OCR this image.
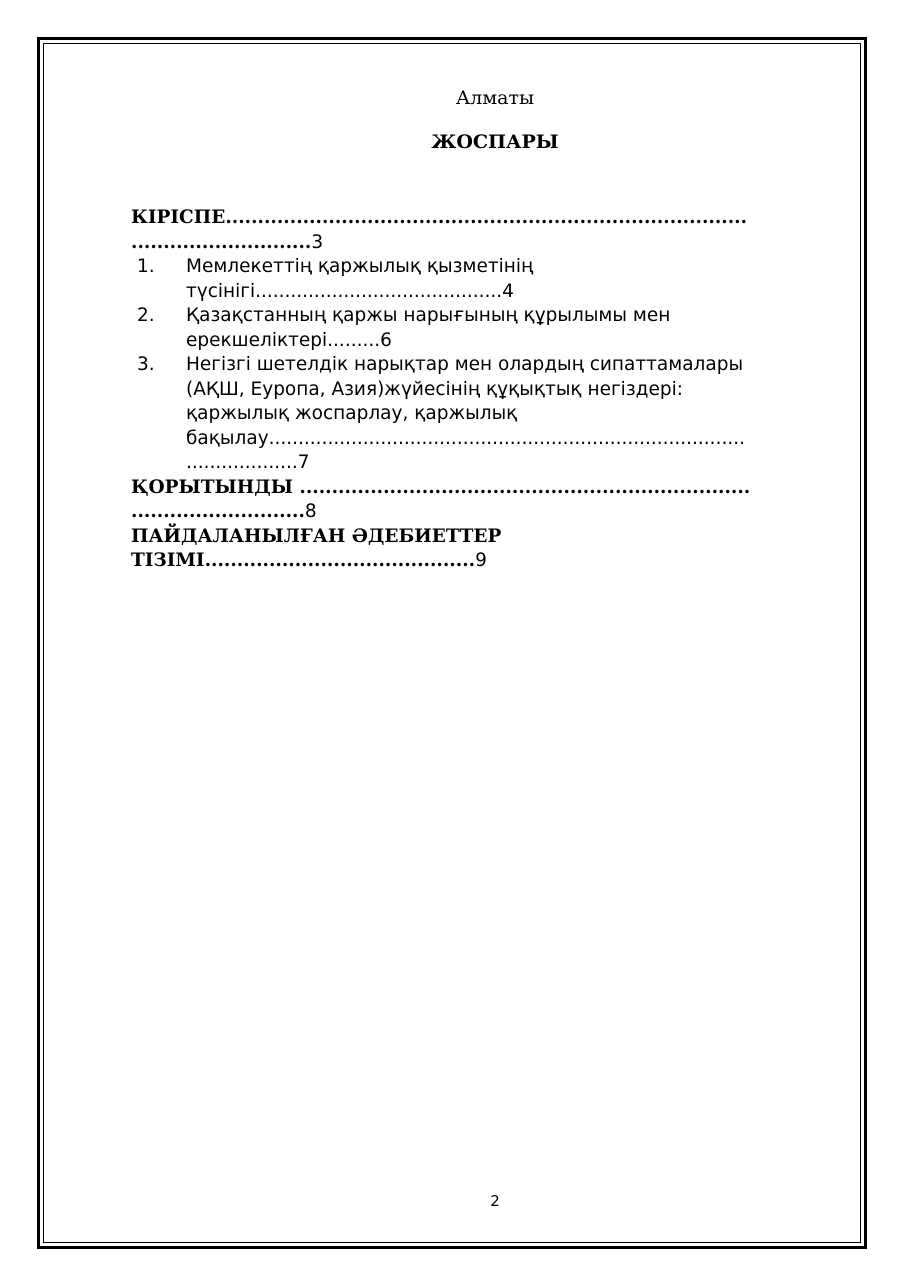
Алматы
ЖОСПАРЫ
КІРІСПЕ.................................................................................
............................3
1. Мемлекеттің қаржылық қызметінің
түсінігі..........................................4
2. Қазақстанның қаржы нарығының құрылымы мен
ерекшеліктері.........6
3. Негізгі шетелдік нарықтар мен олардың сипаттамалары
(АҚШ, Еуропа, Азия)жүйесінің құқықтық негіздері:
қаржылық жоспарлау, қаржылық
бақылау.................................................................................
...................7
ҚОРЫТЫНДЫ ......................................................................
...........................8
ПАЙДАЛАНЫЛҒАН ӘДЕБИЕТТЕР
ТІЗІМІ..........................................9
2
